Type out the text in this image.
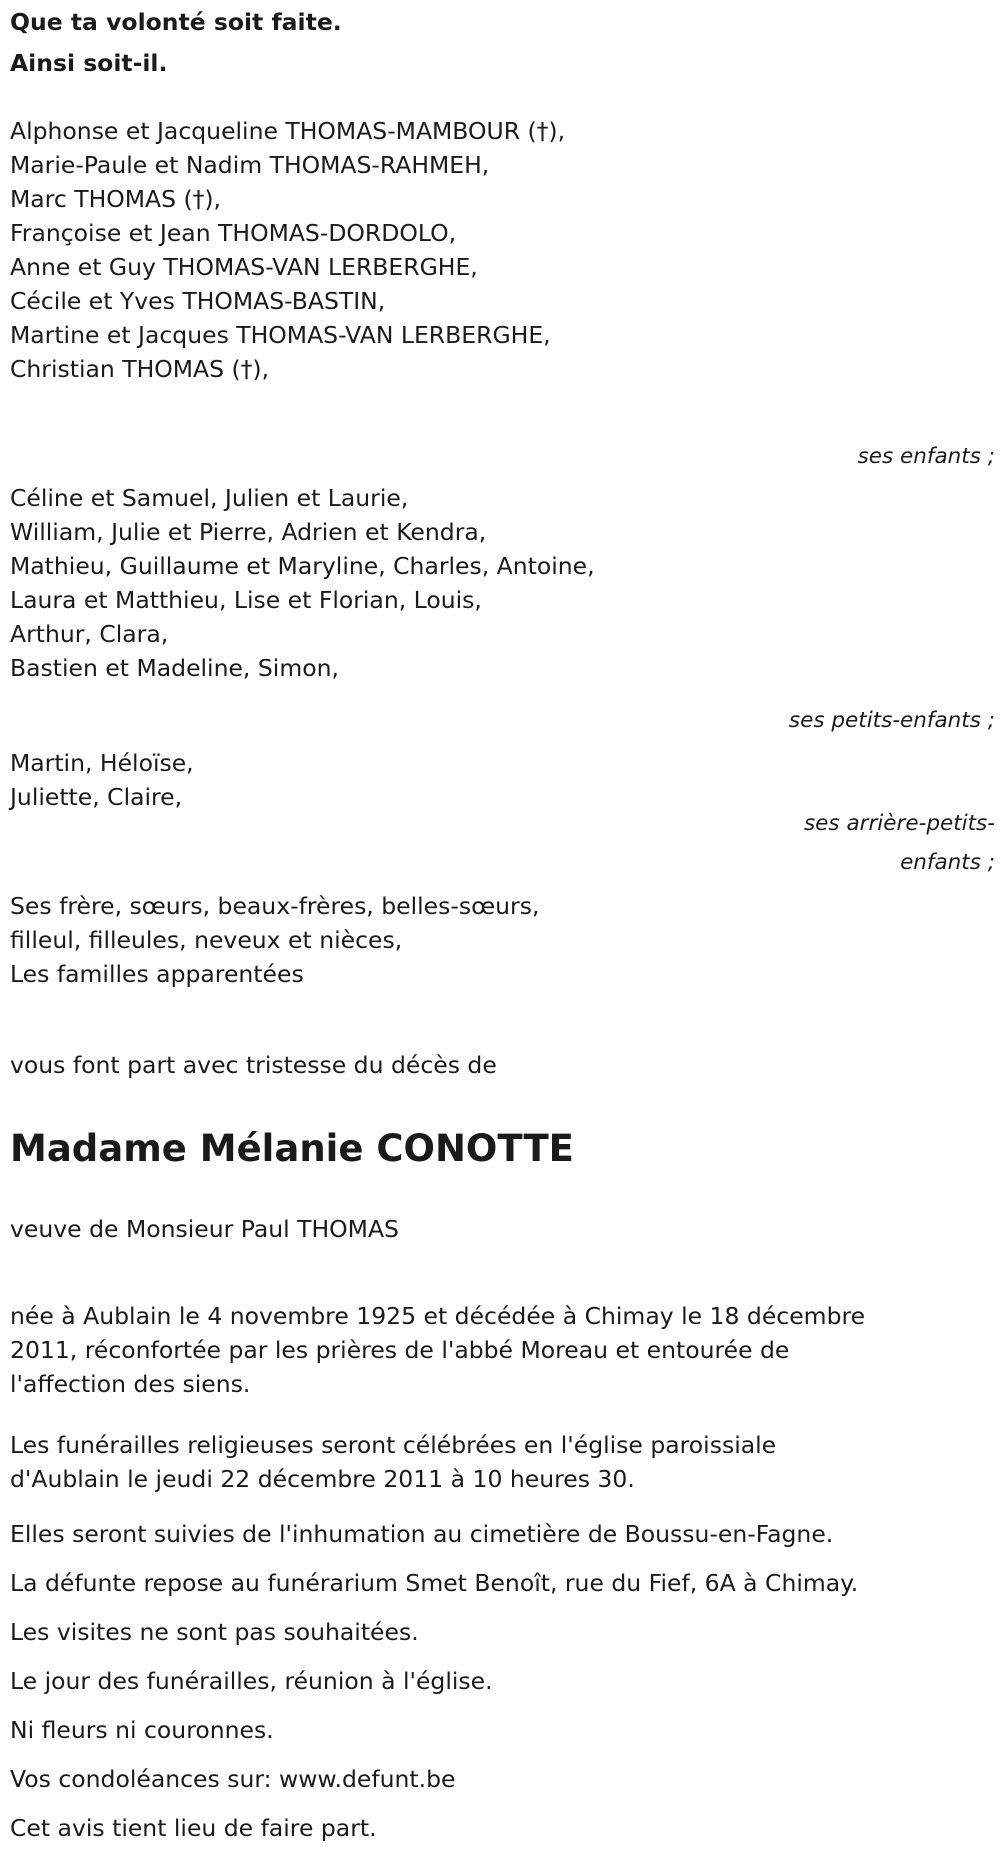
Que ta volonté soit faite.
Ainsi soit-il.
Alphonse et Jacqueline THOMAS-MAMBOUR (†),
Marie-Paule et Nadim THOMAS-RAHMEH,
Marc THOMAS (†),
Françoise et Jean THOMAS-DORDOLO,
Anne et Guy THOMAS-VAN LERBERGHE,
Cécile et Yves THOMAS-BASTIN,
Martine et Jacques THOMAS-VAN LERBERGHE,
Christian THOMAS (†),
ses enfants ;
Céline et Samuel, Julien et Laurie,
William, Julie et Pierre, Adrien et Kendra,
Mathieu, Guillaume et Maryline, Charles, Antoine,
Laura et Matthieu, Lise et Florian, Louis,
Arthur, Clara,
Bastien et Madeline, Simon,
ses petits-enfants ;
Martin, Héloïse,
Juliette, Claire,
ses arrière-petits-
enfants ;
Ses frère, sœurs, beaux-frères, belles-sœurs,
filleul, filleules, neveux et nièces,
Les familles apparentées
vous font part avec tristesse du décès de
Madame Mélanie CONOTTE
veuve de Monsieur Paul THOMAS
née à Aublain le 4 novembre 1925 et décédée à Chimay le 18 décembre
2011, réconfortée par les prières de l'abbé Moreau et entourée de
l'affection des siens.
Les funérailles religieuses seront célébrées en l'église paroissiale
d'Aublain le jeudi 22 décembre 2011 à 10 heures 30.
Elles seront suivies de l'inhumation au cimetière de Boussu-en-Fagne.
La défunte repose au funérarium Smet Benoît, rue du Fief, 6A à Chimay.
Les visites ne sont pas souhaitées.
Le jour des funérailles, réunion à l'église.
Ni fleurs ni couronnes.
Vos condoléances sur: www.defunt.be
Cet avis tient lieu de faire part.
